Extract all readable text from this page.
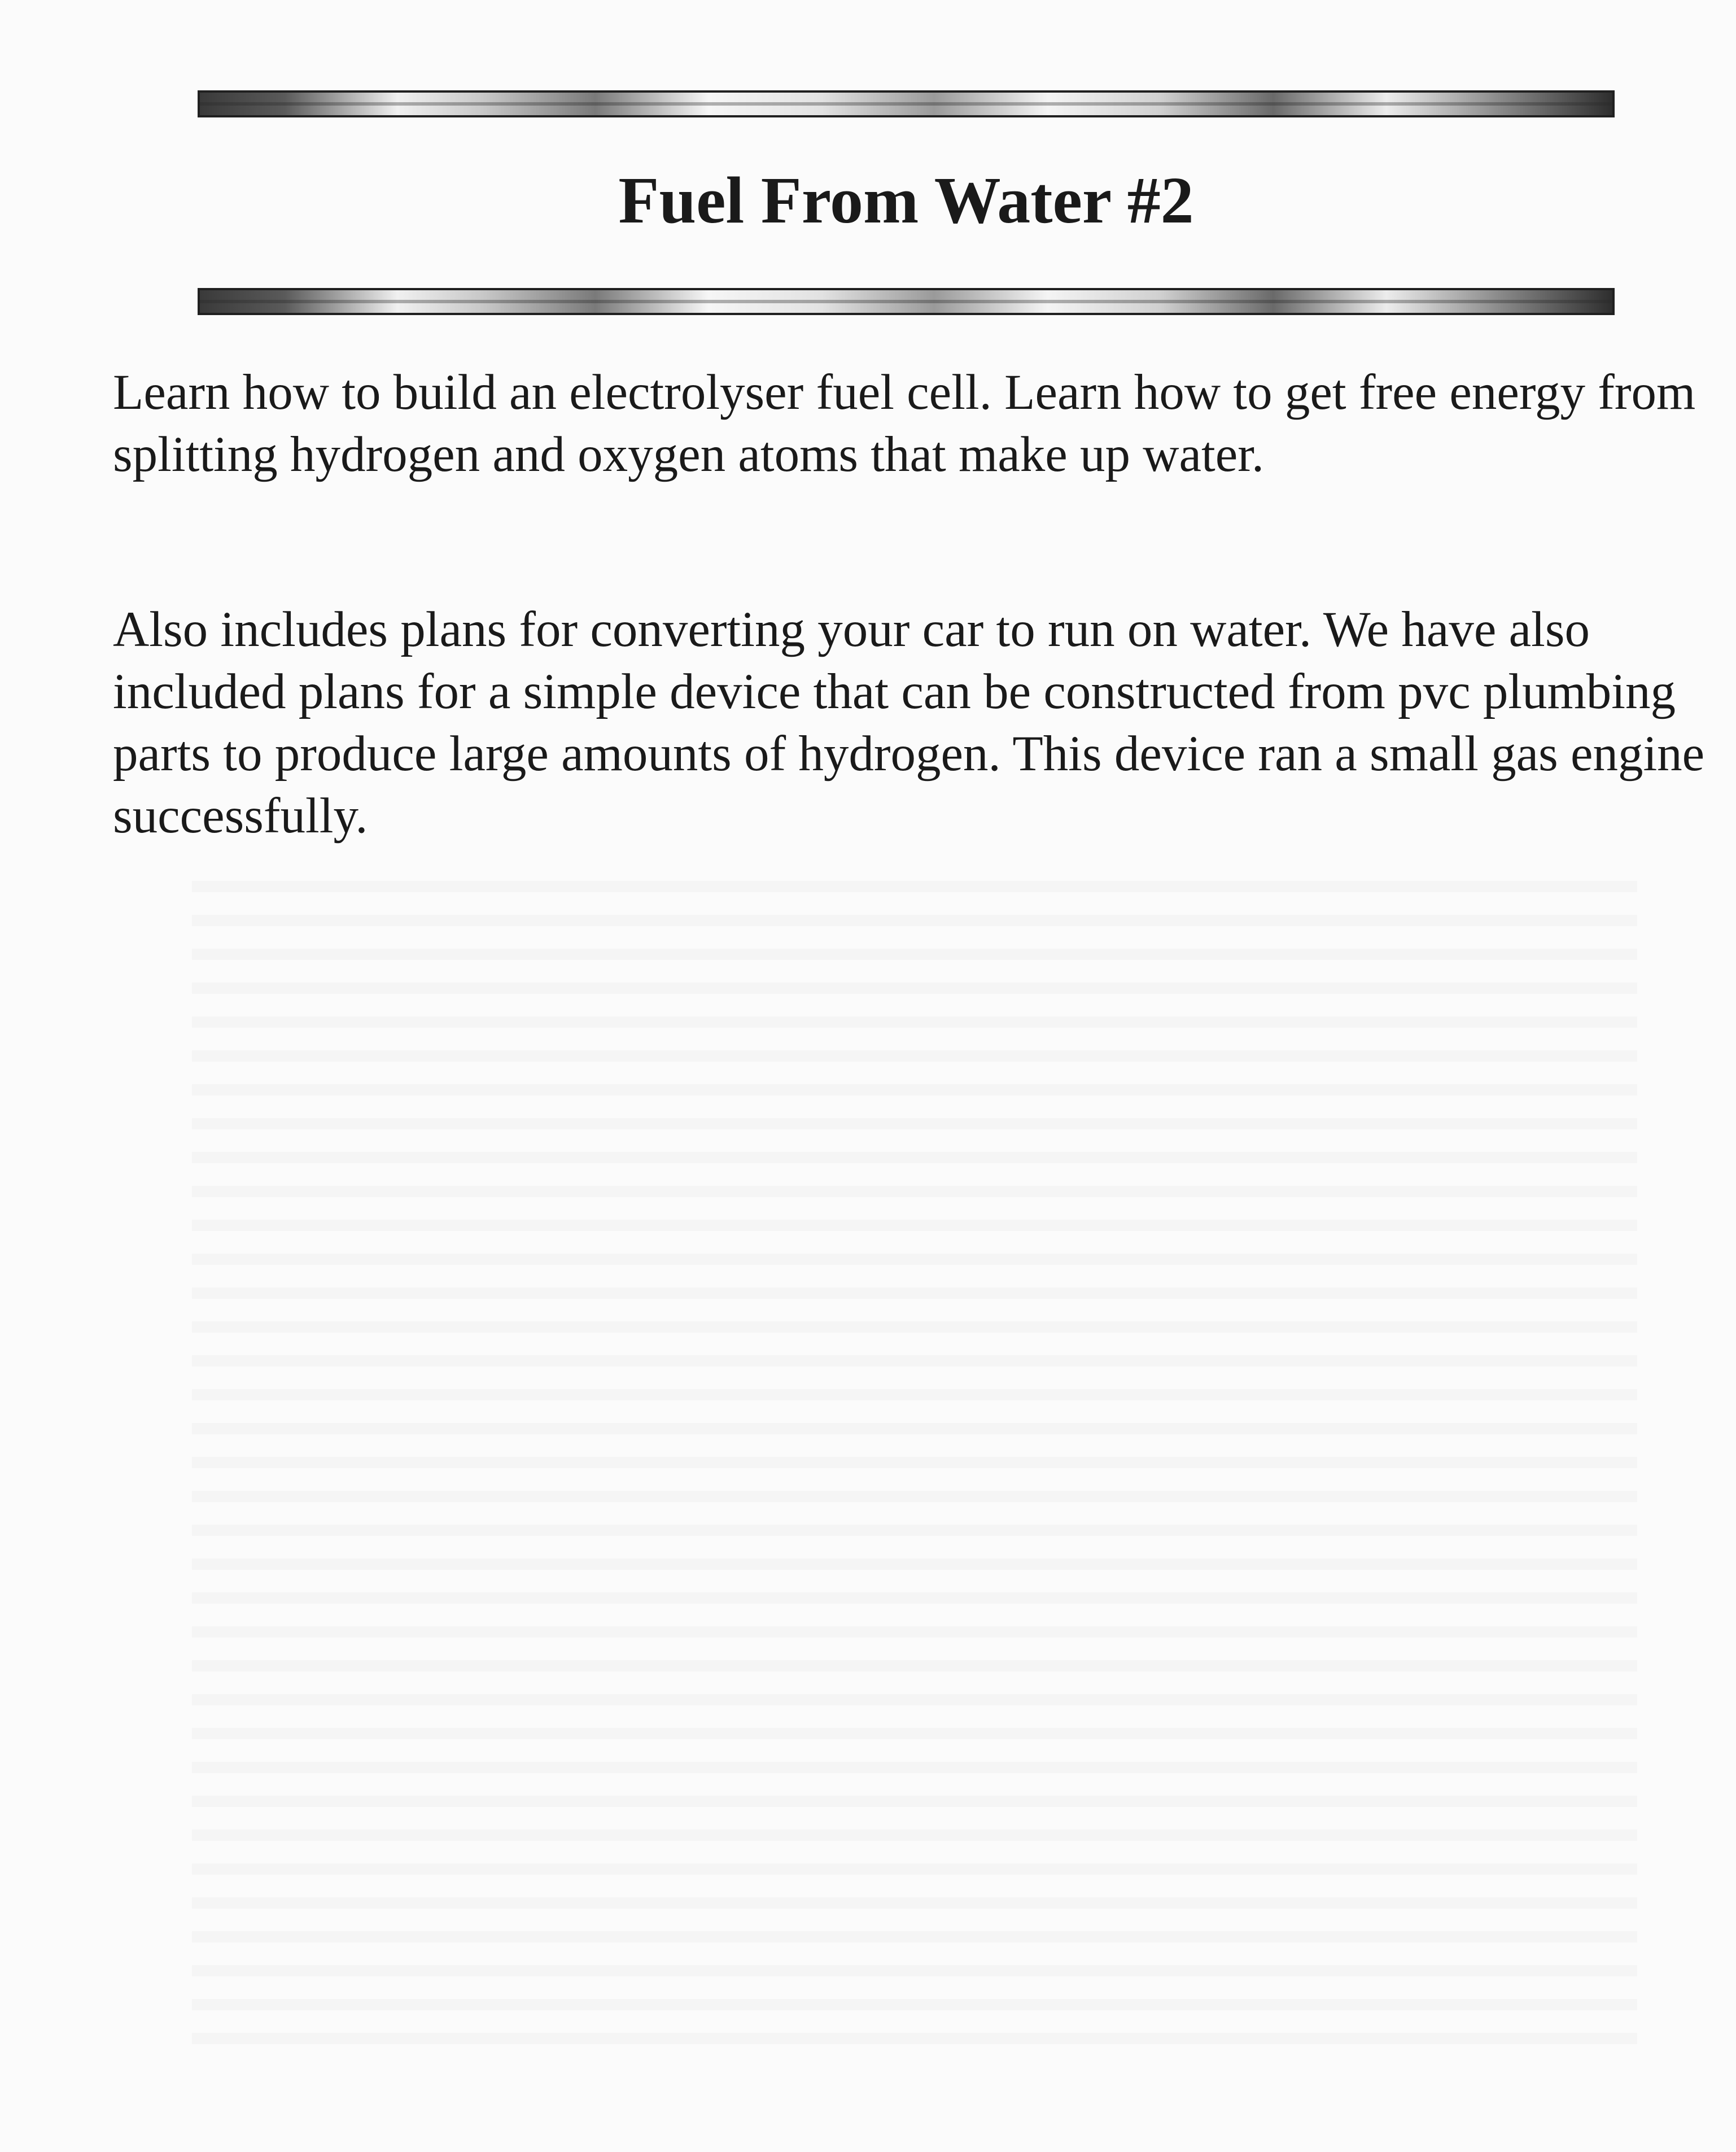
Fuel From Water #2

Learn how to build an electrolyser fuel cell. Learn how to get free energy from splitting hydrogen and oxygen atoms that make up water.

Also includes plans for converting your car to run on water. We have also included plans for a simple device that can be constructed from pvc plumbing parts to produce large amounts of hydrogen. This device ran a small gas engine successfully.
